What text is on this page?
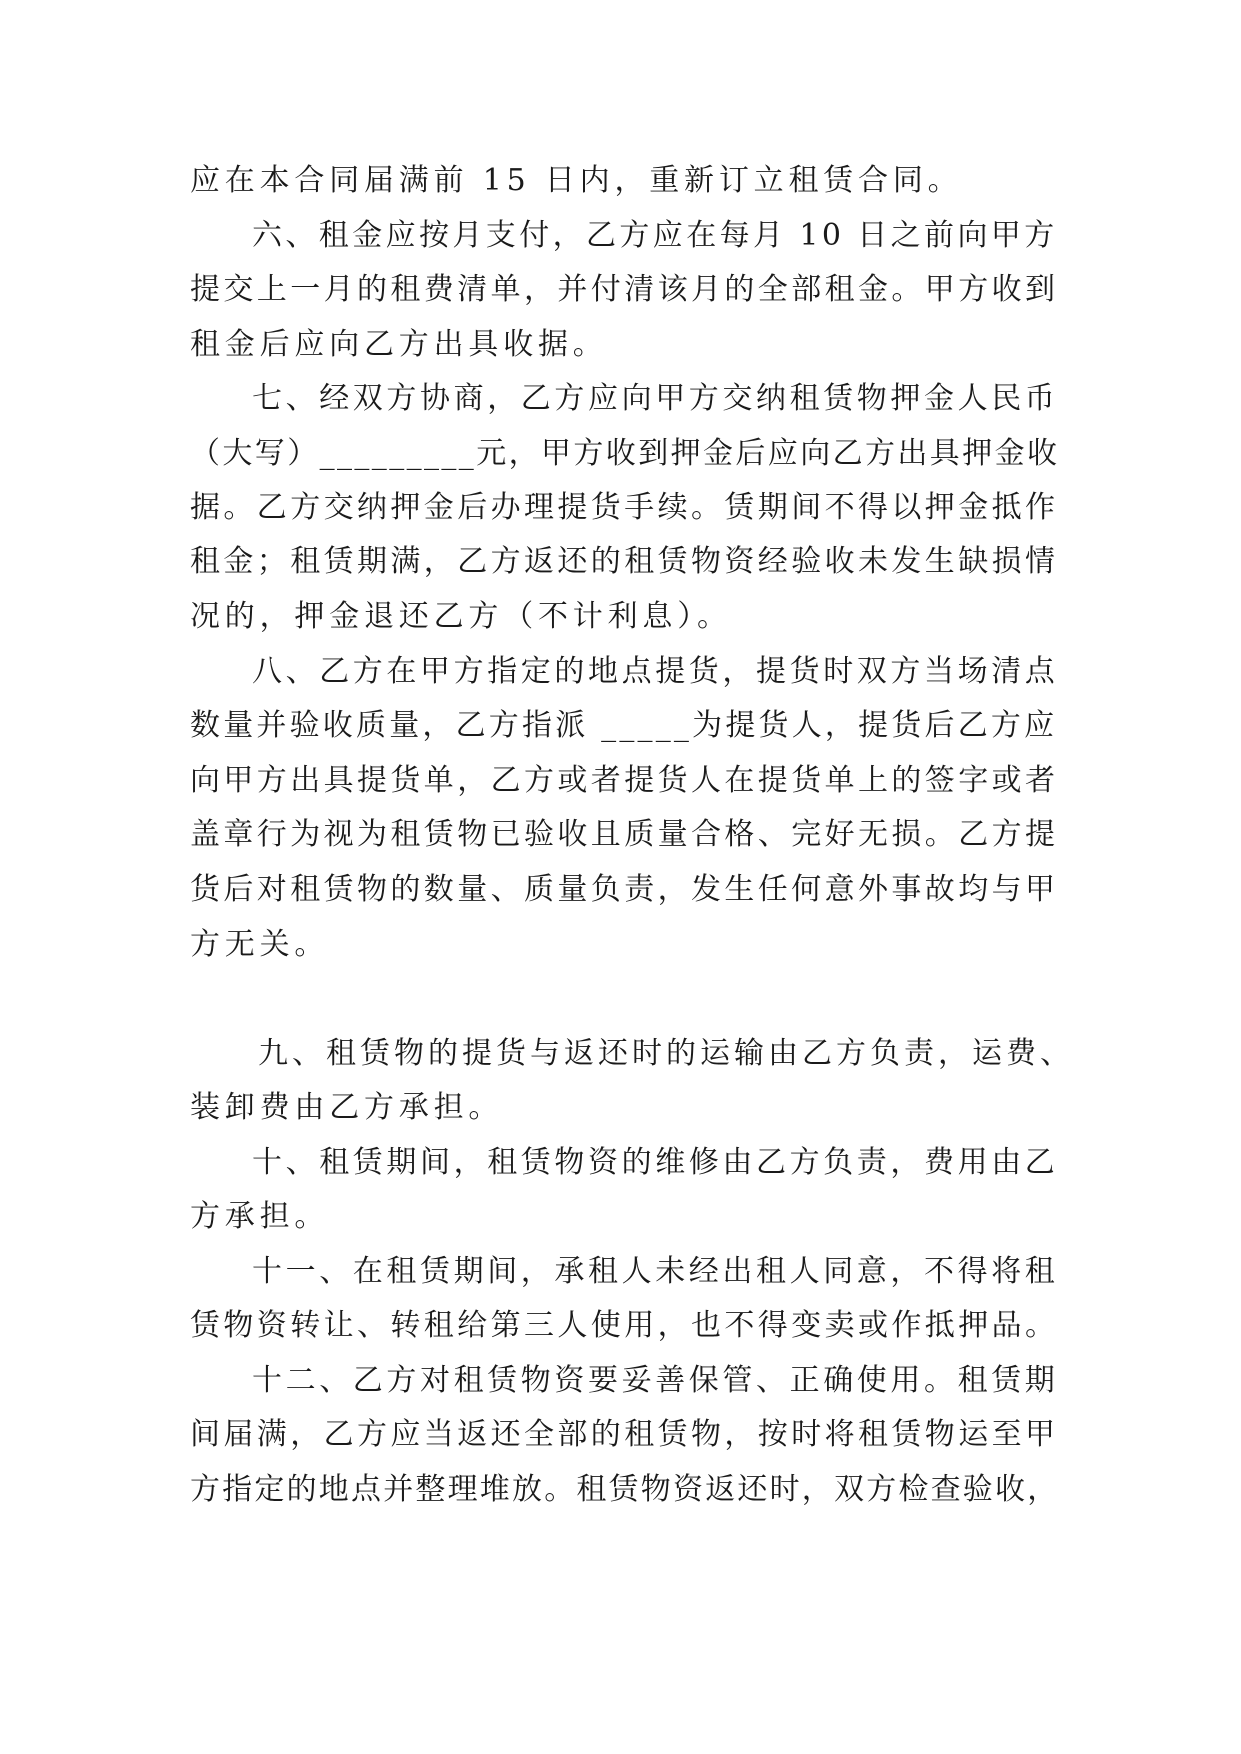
应在本合同届满前 15 日内，重新订立租赁合同。
六、租金应按月支付，乙方应在每月 10 日之前向甲方
提交上一月的租费清单，并付清该月的全部租金。甲方收到
租金后应向乙方出具收据。
七、经双方协商，乙方应向甲方交纳租赁物押金人民币
（大写）_________元，甲方收到押金后应向乙方出具押金收
据。乙方交纳押金后办理提货手续。赁期间不得以押金抵作
租金；租赁期满，乙方返还的租赁物资经验收未发生缺损情
况的，押金退还乙方（不计利息）。
八、乙方在甲方指定的地点提货，提货时双方当场清点
数量并验收质量，乙方指派 _____为提货人，提货后乙方应
向甲方出具提货单，乙方或者提货人在提货单上的签字或者
盖章行为视为租赁物已验收且质量合格、完好无损。乙方提
货后对租赁物的数量、质量负责，发生任何意外事故均与甲
方无关。
九、租赁物的提货与返还时的运输由乙方负责，运费、
装卸费由乙方承担。
十、租赁期间，租赁物资的维修由乙方负责，费用由乙
方承担。
十一、在租赁期间，承租人未经出租人同意，不得将租
赁物资转让、转租给第三人使用，也不得变卖或作抵押品。
十二、乙方对租赁物资要妥善保管、正确使用。租赁期
间届满，乙方应当返还全部的租赁物，按时将租赁物运至甲
方指定的地点并整理堆放。租赁物资返还时，双方检查验收，
